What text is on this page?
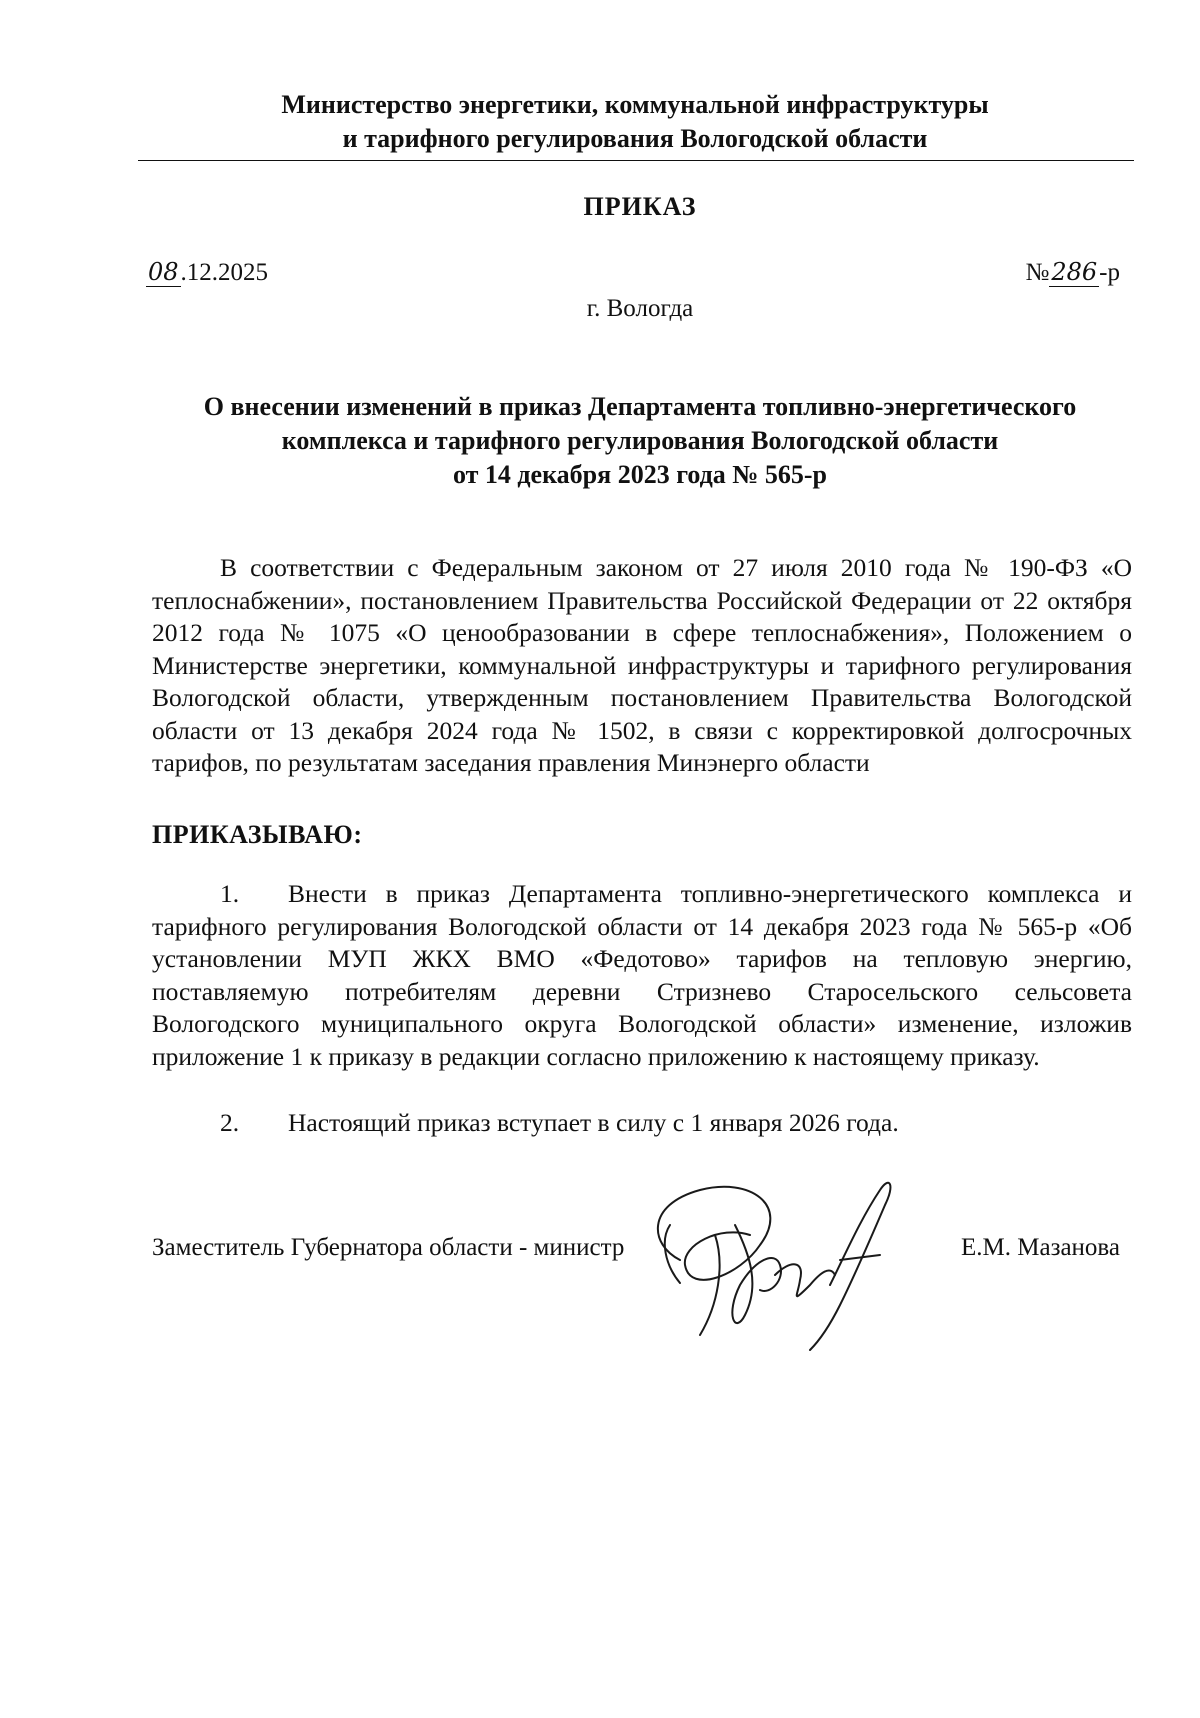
Министерство энергетики, коммунальной инфраструктуры
и тарифного регулирования Вологодской области
ПРИКАЗ
08.12.2025	№286-р
г. Вологда
О внесении изменений в приказ Департамента топливно-энергетического
комплекса и тарифного регулирования Вологодской области
от 14 декабря 2023 года № 565-р
В соответствии с Федеральным законом от 27 июля 2010 года № 190-ФЗ «О теплоснабжении», постановлением Правительства Российской Федерации от 22 октября 2012 года № 1075 «О ценообразовании в сфере теплоснабжения», Положением о Министерстве энергетики, коммунальной инфраструктуры и тарифного регулирования Вологодской области, утвержденным постановлением Правительства Вологодской области от 13 декабря 2024 года № 1502, в связи с корректировкой долгосрочных тарифов, по результатам заседания правления Минэнерго области
ПРИКАЗЫВАЮ:
1. Внести в приказ Департамента топливно-энергетического комплекса и тарифного регулирования Вологодской области от 14 декабря 2023 года № 565-р «Об установлении МУП ЖКХ ВМО «Федотово» тарифов на тепловую энергию, поставляемую потребителям деревни Стризнево Старосельского сельсовета Вологодского муниципального округа Вологодской области» изменение, изложив приложение 1 к приказу в редакции согласно приложению к настоящему приказу.
2. Настоящий приказ вступает в силу с 1 января 2026 года.
Заместитель Губернатора области - министр	Е.М. Мазанова
